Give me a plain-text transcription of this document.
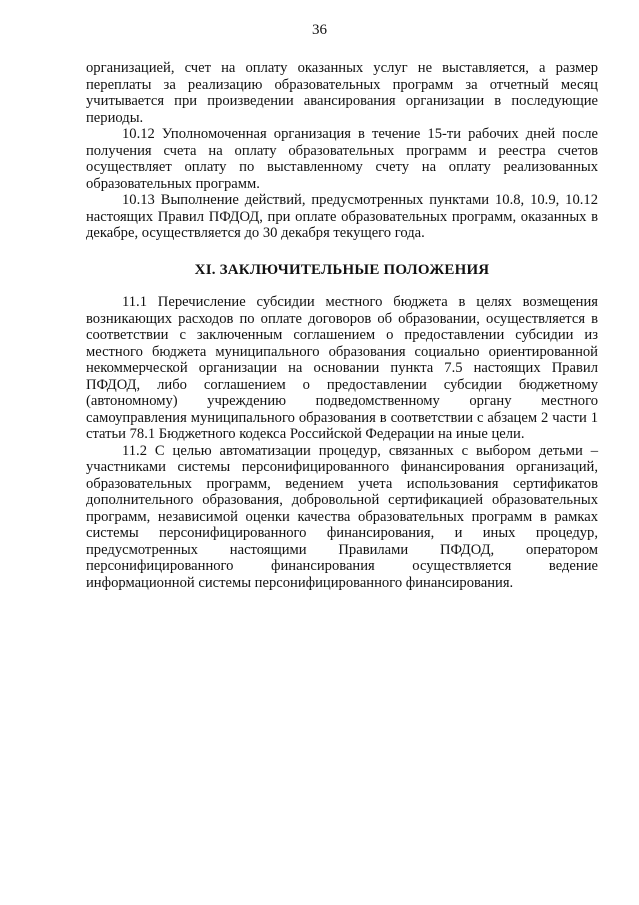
36

организацией, счет на оплату оказанных услуг не выставляется, а размер переплаты за реализацию образовательных программ за отчетный месяц учитывается при произведении авансирования организации в последующие периоды.

10.12 Уполномоченная организация в течение 15-ти рабочих дней после получения счета на оплату образовательных программ и реестра счетов осуществляет оплату по выставленному счету на оплату реализованных образовательных программ.

10.13 Выполнение действий, предусмотренных пунктами 10.8, 10.9, 10.12 настоящих Правил ПФДОД, при оплате образовательных программ, оказанных в декабре, осуществляется до 30 декабря текущего года.

XI. ЗАКЛЮЧИТЕЛЬНЫЕ ПОЛОЖЕНИЯ

11.1 Перечисление субсидии местного бюджета в целях возмещения возникающих расходов по оплате договоров об образовании, осуществляется в соответствии с заключенным соглашением о предоставлении субсидии из местного бюджета муниципального образования социально ориентированной некоммерческой организации на основании пункта 7.5 настоящих Правил ПФДОД, либо соглашением о предоставлении субсидии бюджетному (автономному) учреждению подведомственному органу местного самоуправления муниципального образования в соответствии с абзацем 2 части 1 статьи 78.1 Бюджетного кодекса Российской Федерации на иные цели.

11.2 С целью автоматизации процедур, связанных с выбором детьми – участниками системы персонифицированного финансирования организаций, образовательных программ, ведением учета использования сертификатов дополнительного образования, добровольной сертификацией образовательных программ, независимой оценки качества образовательных программ в рамках системы персонифицированного финансирования, и иных процедур, предусмотренных настоящими Правилами ПФДОД, оператором персонифицированного финансирования осуществляется ведение информационной системы персонифицированного финансирования.
